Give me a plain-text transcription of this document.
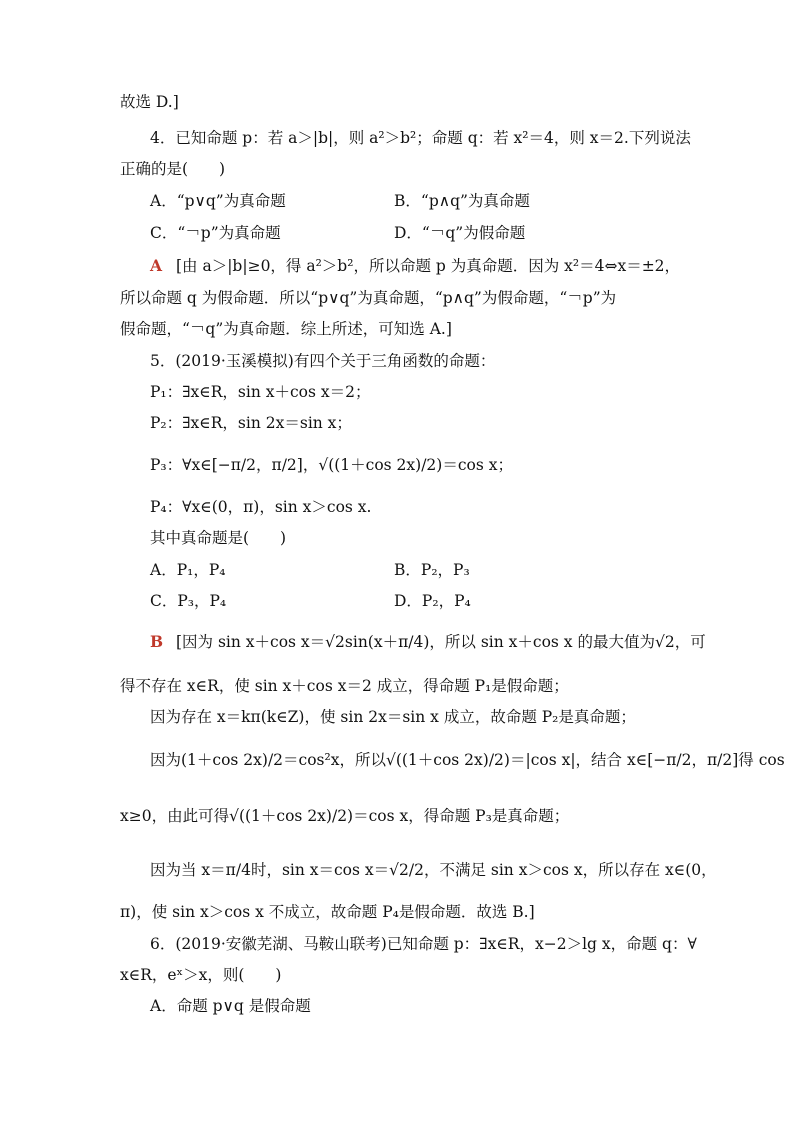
故选 D.]
4．已知命题 p：若 a＞|b|，则 a²＞b²；命题 q：若 x²＝4，则 x＝2.下列说法
正确的是(　　)
A．“p∨q”为真命题	B．“p∧q”为真命题
C．“￢p”为真命题	D．“￢q”为假命题
A [由 a＞|b|≥0，得 a²＞b²，所以命题 p 为真命题．因为 x²＝4⇔x＝±2，
所以命题 q 为假命题．所以“p∨q”为真命题，“p∧q”为假命题，“￢p”为
假命题，“￢q”为真命题．综上所述，可知选 A.]
5．(2019·玉溪模拟)有四个关于三角函数的命题：
P₁：∃x∈R，sin x＋cos x＝2；
P₂：∃x∈R，sin 2x＝sin x；
P₃：∀x∈[−π/2，π/2]，√((1＋cos 2x)/2)＝cos x；
P₄：∀x∈(0，π)，sin x＞cos x.
其中真命题是(　　)
A．P₁，P₄	B．P₂，P₃
C．P₃，P₄	D．P₂，P₄
B [因为 sin x＋cos x＝√2sin(x＋π/4)，所以 sin x＋cos x 的最大值为√2，可
得不存在 x∈R，使 sin x＋cos x＝2 成立，得命题 P₁是假命题；
因为存在 x＝kπ(k∈Z)，使 sin 2x＝sin x 成立，故命题 P₂是真命题；
因为(1＋cos 2x)/2＝cos²x，所以√((1＋cos 2x)/2)＝|cos x|，结合 x∈[−π/2，π/2]得 cos
x≥0，由此可得√((1＋cos 2x)/2)＝cos x，得命题 P₃是真命题；
因为当 x＝π/4时，sin x＝cos x＝√2/2，不满足 sin x＞cos x，所以存在 x∈(0，
π)，使 sin x＞cos x 不成立，故命题 P₄是假命题．故选 B.]
6．(2019·安徽芜湖、马鞍山联考)已知命题 p：∃x∈R，x−2＞lg x，命题 q：∀
x∈R，eˣ＞x，则(　　)
A．命题 p∨q 是假命题
